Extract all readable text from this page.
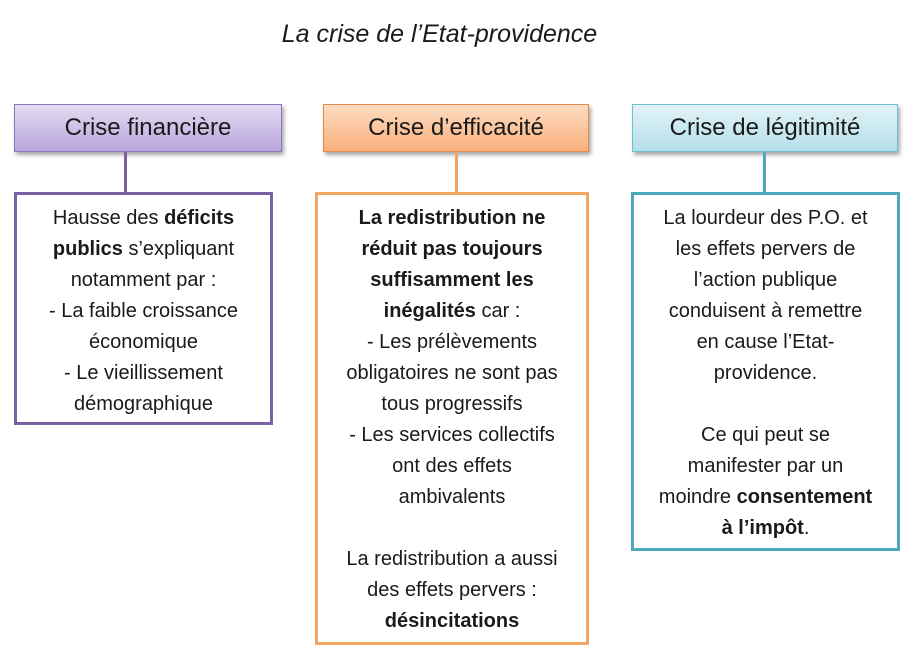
La crise de l’Etat-providence
Crise financière	Crise d’efficacité	Crise de légitimité
Hausse des déficits
publics s’expliquant
notamment par :
- La faible croissance
économique
- Le vieillissement
démographique
La redistribution ne
réduit pas toujours
suffisamment les
inégalités car :
- Les prélèvements
obligatoires ne sont pas
tous progressifs
- Les services collectifs
ont des effets
ambivalents
La redistribution a aussi
des effets pervers :
désincitations
La lourdeur des P.O. et
les effets pervers de
l’action publique
conduisent à remettre
en cause l’Etat-
providence.
Ce qui peut se
manifester par un
moindre consentement
à l’impôt.
